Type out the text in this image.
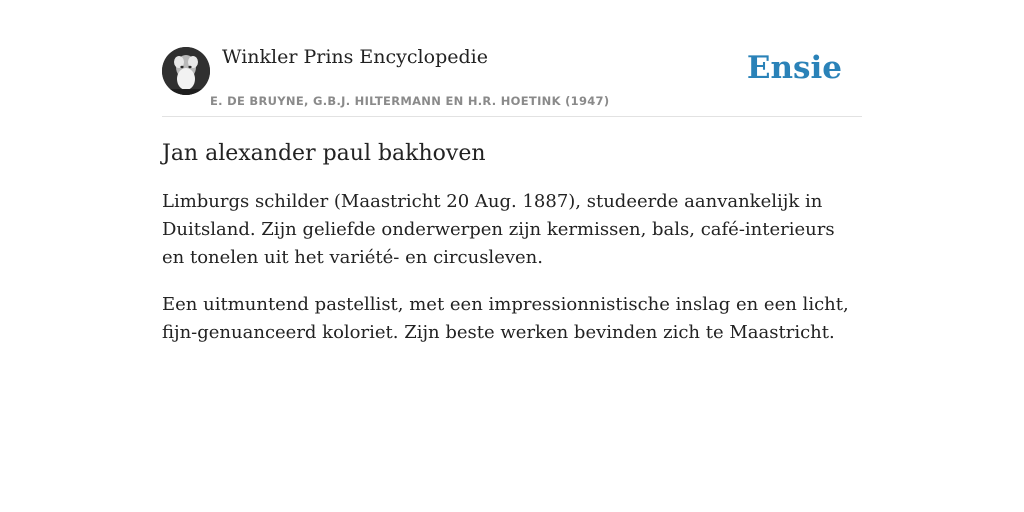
Winkler Prins Encyclopedie
E. DE BRUYNE, G.B.J. HILTERMANN EN H.R. HOETINK (1947)
Ensie
Jan alexander paul bakhoven

Limburgs schilder (Maastricht 20 Aug. 1887), studeerde aanvankelijk in Duitsland. Zijn geliefde onderwerpen zijn kermissen, bals, café-interieurs en tonelen uit het variété- en circusleven.

Een uitmuntend pastellist, met een impressionnistische inslag en een licht, fijn-genuanceerd koloriet. Zijn beste werken bevinden zich te Maastricht.
